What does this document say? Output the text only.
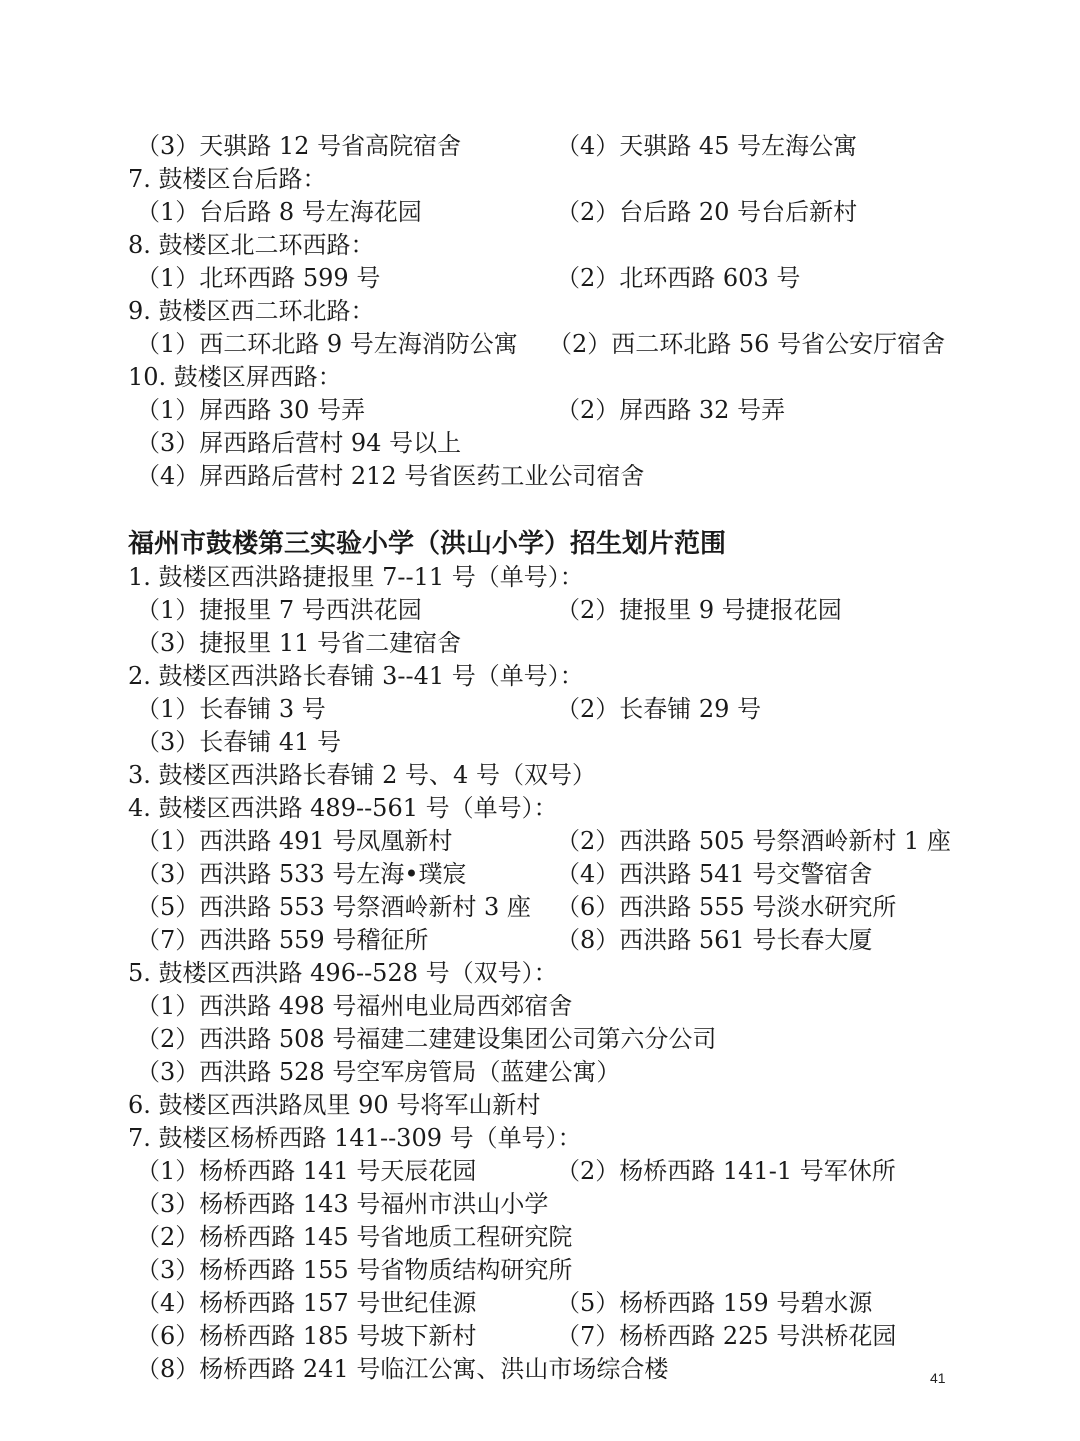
（3）天骐路 12 号省高院宿舍	（4）天骐路 45 号左海公寓
7. 鼓楼区台后路：
（1）台后路 8 号左海花园	（2）台后路 20 号台后新村
8. 鼓楼区北二环西路：
（1）北环西路 599 号	（2）北环西路 603 号
9. 鼓楼区西二环北路：
（1）西二环北路 9 号左海消防公寓 （2）西二环北路 56 号省公安厅宿舍
10. 鼓楼区屏西路：
（1）屏西路 30 号弄	（2）屏西路 32 号弄
（3）屏西路后营村 94 号以上
（4）屏西路后营村 212 号省医药工业公司宿舍
福州市鼓楼第三实验小学（洪山小学）招生划片范围
1. 鼓楼区西洪路捷报里 7--11 号（单号）：
（1）捷报里 7 号西洪花园	（2）捷报里 9 号捷报花园
（3）捷报里 11 号省二建宿舍
2. 鼓楼区西洪路长春铺 3--41 号（单号）：
（1）长春铺 3 号	（2）长春铺 29 号
（3）长春铺 41 号
3. 鼓楼区西洪路长春铺 2 号、4 号（双号）
4. 鼓楼区西洪路 489--561 号（单号）：
（1）西洪路 491 号凤凰新村	（2）西洪路 505 号祭酒岭新村 1 座
（3）西洪路 533 号左海•璞宸	（4）西洪路 541 号交警宿舍
（5）西洪路 553 号祭酒岭新村 3 座 （6）西洪路 555 号淡水研究所
（7）西洪路 559 号稽征所	（8）西洪路 561 号长春大厦
5. 鼓楼区西洪路 496--528 号（双号）：
（1）西洪路 498 号福州电业局西郊宿舍
（2）西洪路 508 号福建二建建设集团公司第六分公司
（3）西洪路 528 号空军房管局（蓝建公寓）
6. 鼓楼区西洪路凤里 90 号将军山新村
7. 鼓楼区杨桥西路 141--309 号（单号）：
（1）杨桥西路 141 号天辰花园	（2）杨桥西路 141-1 号军休所
（3）杨桥西路 143 号福州市洪山小学
（2）杨桥西路 145 号省地质工程研究院
（3）杨桥西路 155 号省物质结构研究所
（4）杨桥西路 157 号世纪佳源	（5）杨桥西路 159 号碧水源
（6）杨桥西路 185 号坡下新村	（7）杨桥西路 225 号洪桥花园
（8）杨桥西路 241 号临江公寓、洪山市场综合楼	41
